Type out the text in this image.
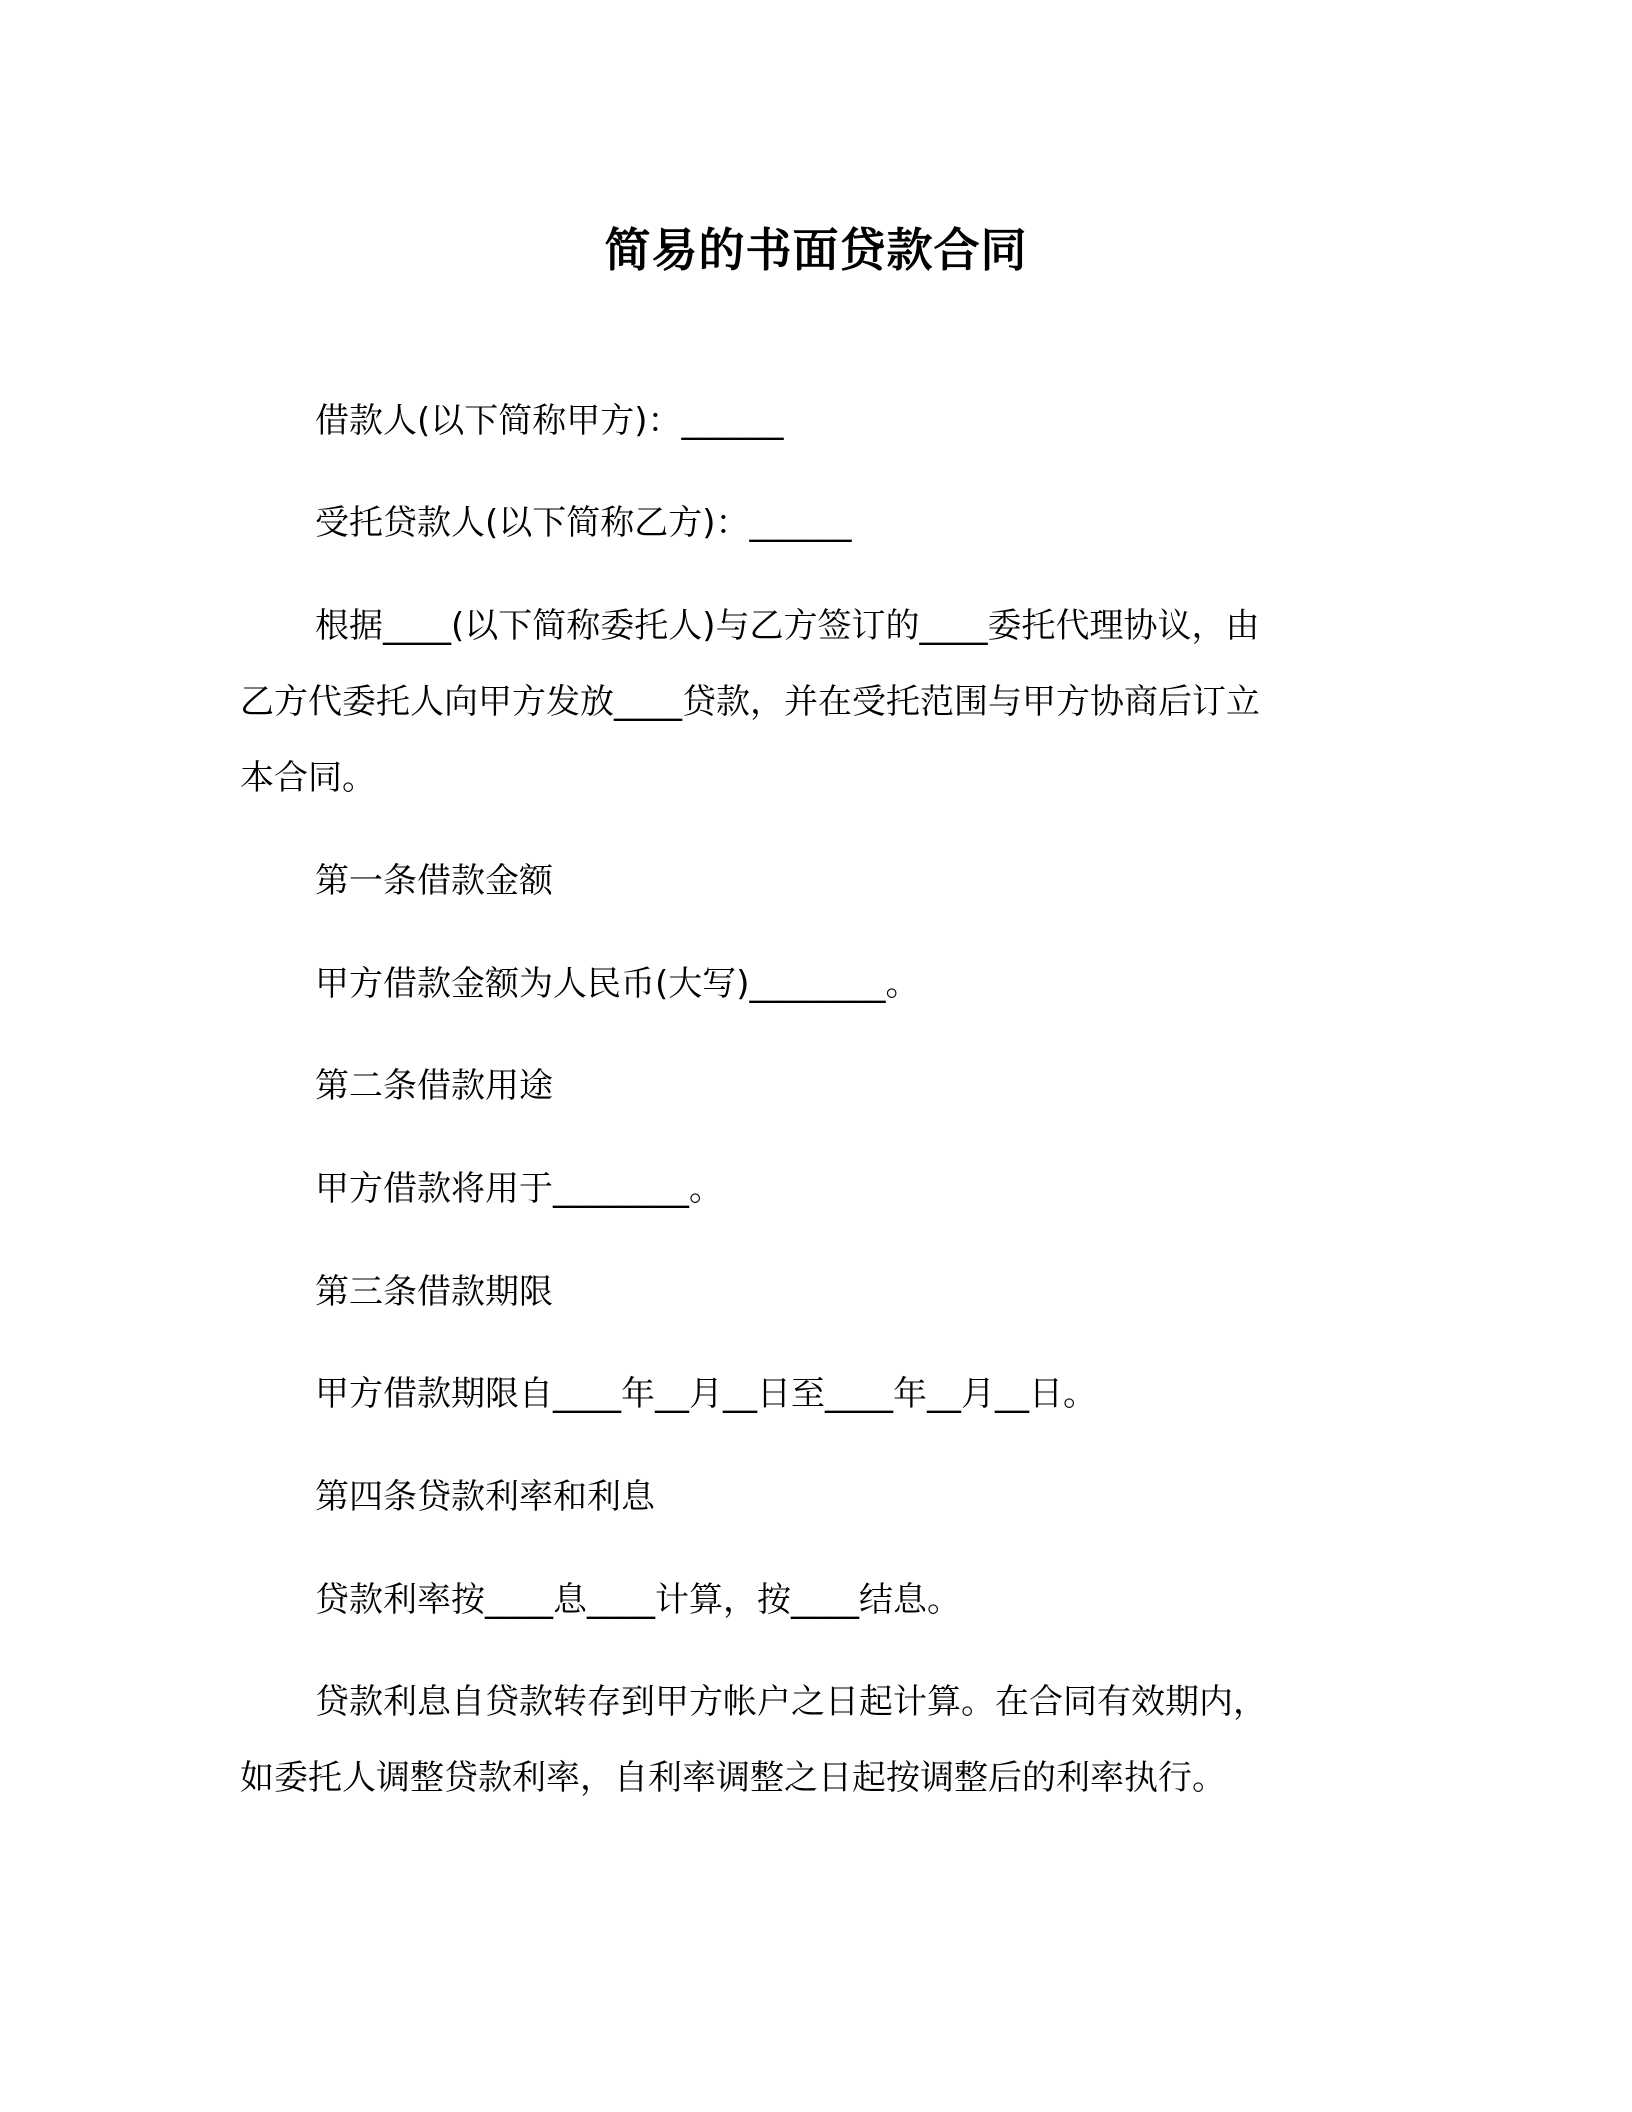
简易的书面贷款合同
借款人(以下简称甲方)：______
受托贷款人(以下简称乙方)：______
根据____(以下简称委托人)与乙方签订的____委托代理协议，由
乙方代委托人向甲方发放____贷款，并在受托范围与甲方协商后订立
本合同。
第一条借款金额
甲方借款金额为人民币(大写)________。
第二条借款用途
甲方借款将用于________。
第三条借款期限
甲方借款期限自____年__月__日至____年__月__日。
第四条贷款利率和利息
贷款利率按____息____计算，按____结息。
贷款利息自贷款转存到甲方帐户之日起计算。在合同有效期内，
如委托人调整贷款利率，自利率调整之日起按调整后的利率执行。
